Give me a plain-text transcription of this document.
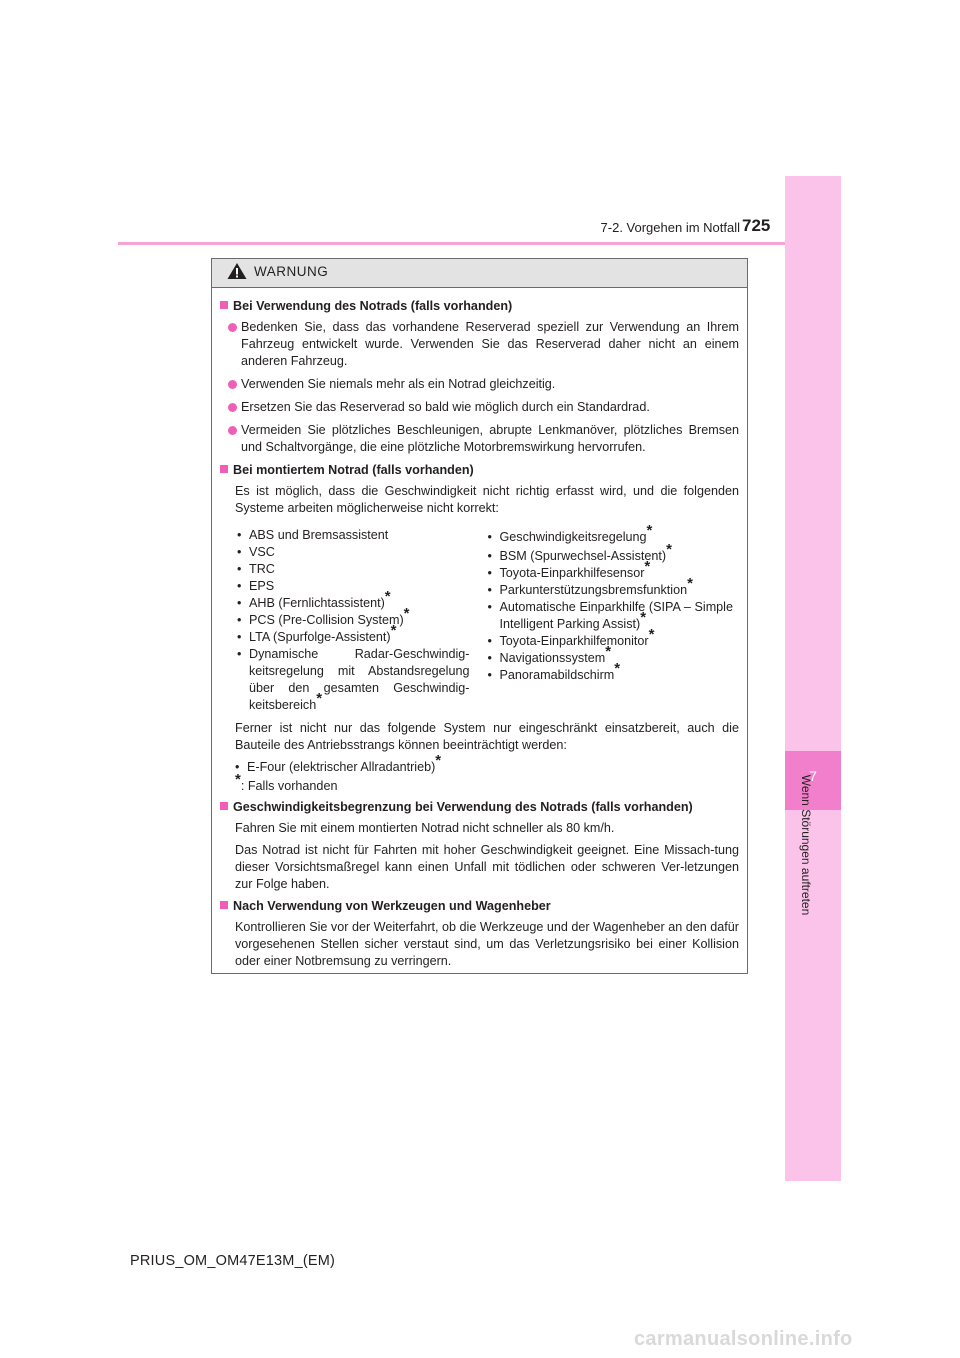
725
7-2. Vorgehen im Notfall
7
Wenn Störungen auftreten
WARNUNG

Bei Verwendung des Notrads (falls vorhanden)

Bedenken Sie, dass das vorhandene Reserverad speziell zur Verwendung an Ihrem Fahrzeug entwickelt wurde. Verwenden Sie das Reserverad daher nicht an einem anderen Fahrzeug.
Verwenden Sie niemals mehr als ein Notrad gleichzeitig.
Ersetzen Sie das Reserverad so bald wie möglich durch ein Standardrad.
Vermeiden Sie plötzliches Beschleunigen, abrupte Lenkmanöver, plötzliches Bremsen und Schaltvorgänge, die eine plötzliche Motorbremswirkung hervorrufen.

Bei montiertem Notrad (falls vorhanden)

Es ist möglich, dass die Geschwindigkeit nicht richtig erfasst wird, und die folgenden Systeme arbeiten möglicherweise nicht korrekt:

• ABS und Bremsassistent
• VSC
• TRC
• EPS
• AHB (Fernlichtassistent)*
• PCS (Pre-Collision System)*
• LTA (Spurfolge-Assistent)*
• Dynamische Radar-Geschwindig-keitsregelung mit Abstandsregelung über den gesamten Geschwindig-keitsbereich*
• Geschwindigkeitsregelung*
• BSM (Spurwechsel-Assistent)*
• Toyota-Einparkhilfesensor*
• Parkunterstützungsbremsfunktion*
• Automatische Einparkhilfe (SIPA – Simple Intelligent Parking Assist)*
• Toyota-Einparkhilfemonitor*
• Navigationssystem*
• Panoramabildschirm*

Ferner ist nicht nur das folgende System nur eingeschränkt einsatzbereit, auch die Bauteile des Antriebsstrangs können beeinträchtigt werden:

• E-Four (elektrischer Allradantrieb)*

*: Falls vorhanden

Geschwindigkeitsbegrenzung bei Verwendung des Notrads (falls vorhanden)

Fahren Sie mit einem montierten Notrad nicht schneller als 80 km/h.

Das Notrad ist nicht für Fahrten mit hoher Geschwindigkeit geeignet. Eine Missach-tung dieser Vorsichtsmaßregel kann einen Unfall mit tödlichen oder schweren Ver-letzungen zur Folge haben.

Nach Verwendung von Werkzeugen und Wagenheber

Kontrollieren Sie vor der Weiterfahrt, ob die Werkzeuge und der Wagenheber an den dafür vorgesehenen Stellen sicher verstaut sind, um das Verletzungsrisiko bei einer Kollision oder einer Notbremsung zu verringern.

PRIUS_OM_OM47E13M_(EM)
carmanualsonline.info
